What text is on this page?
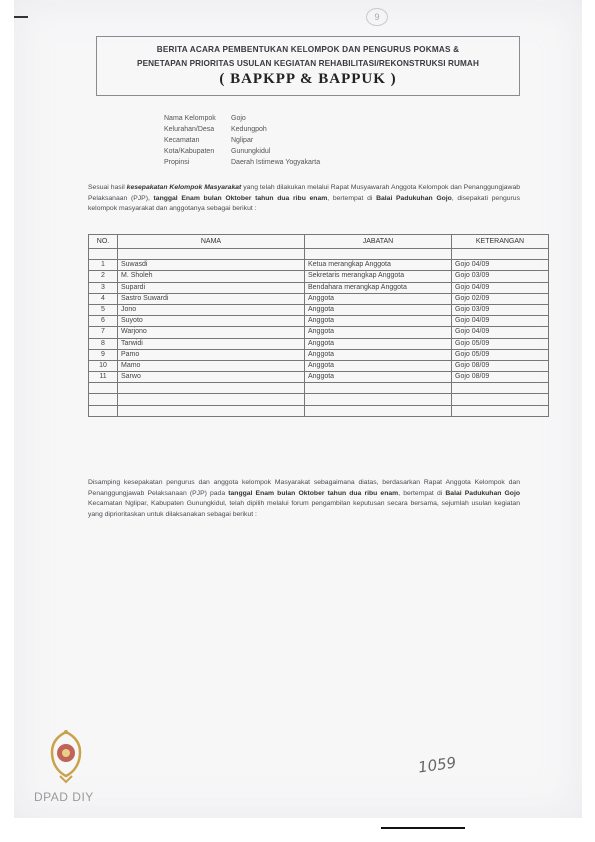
9
BERITA ACARA PEMBENTUKAN KELOMPOK DAN PENGURUS POKMAS &
PENETAPAN PRIORITAS USULAN KEGIATAN REHABILITASI/REKONSTRUKSI RUMAH
( BAPKPP & BAPPUK )
Nama Kelompok	Gojo
Kelurahan/Desa	Kedungpoh
Kecamatan	Nglipar
Kota/Kabupaten	Gunungkidul
Propinsi	Daerah Istimewa Yogyakarta
Sesuai hasil kesepakatan Kelompok Masyarakat yang telah dilakukan melalui Rapat Musyawarah Anggota Kelompok dan Penanggungjawab Pelaksanaan (PJP), tanggal Enam bulan Oktober tahun dua ribu enam, bertempat di Balai Padukuhan Gojo, disepakati pengurus kelompok masyarakat dan anggotanya sebagai berikut :
NO.	NAMA	JABATAN	KETERANGAN

1	Suwasdi	Ketua merangkap Anggota	Gojo 04/09
2	M. Sholeh	Sekretaris merangkap Anggota	Gojo 03/09
3	Supardi	Bendahara merangkap Anggota	Gojo 04/09
4	Sastro Suwardi	Anggota	Gojo 02/09
5	Jono	Anggota	Gojo 03/09
6	Suyoto	Anggota	Gojo 04/09
7	Warjono	Anggota	Gojo 04/09
8	Tarwidi	Anggota	Gojo 05/09
9	Pamo	Anggota	Gojo 05/09
10	Mamo	Anggota	Gojo 08/09
11	Sarwo	Anggota	Gojo 08/09

Disamping kesepakatan pengurus dan anggota kelompok Masyarakat sebagaimana diatas, berdasarkan Rapat Anggota Kelompok dan Penanggungjawab Pelaksanaan (PJP) pada tanggal Enam bulan Oktober tahun dua ribu enam, bertempat di Balai Padukuhan Gojo Kecamatan Nglipar, Kabupaten Gunungkidul, telah dipilih melalui forum pengambilan keputusan secara bersama, sejumlah usulan kegiatan yang diprioritaskan untuk dilaksanakan sebagai berikut :
DPAD DIY
1059
